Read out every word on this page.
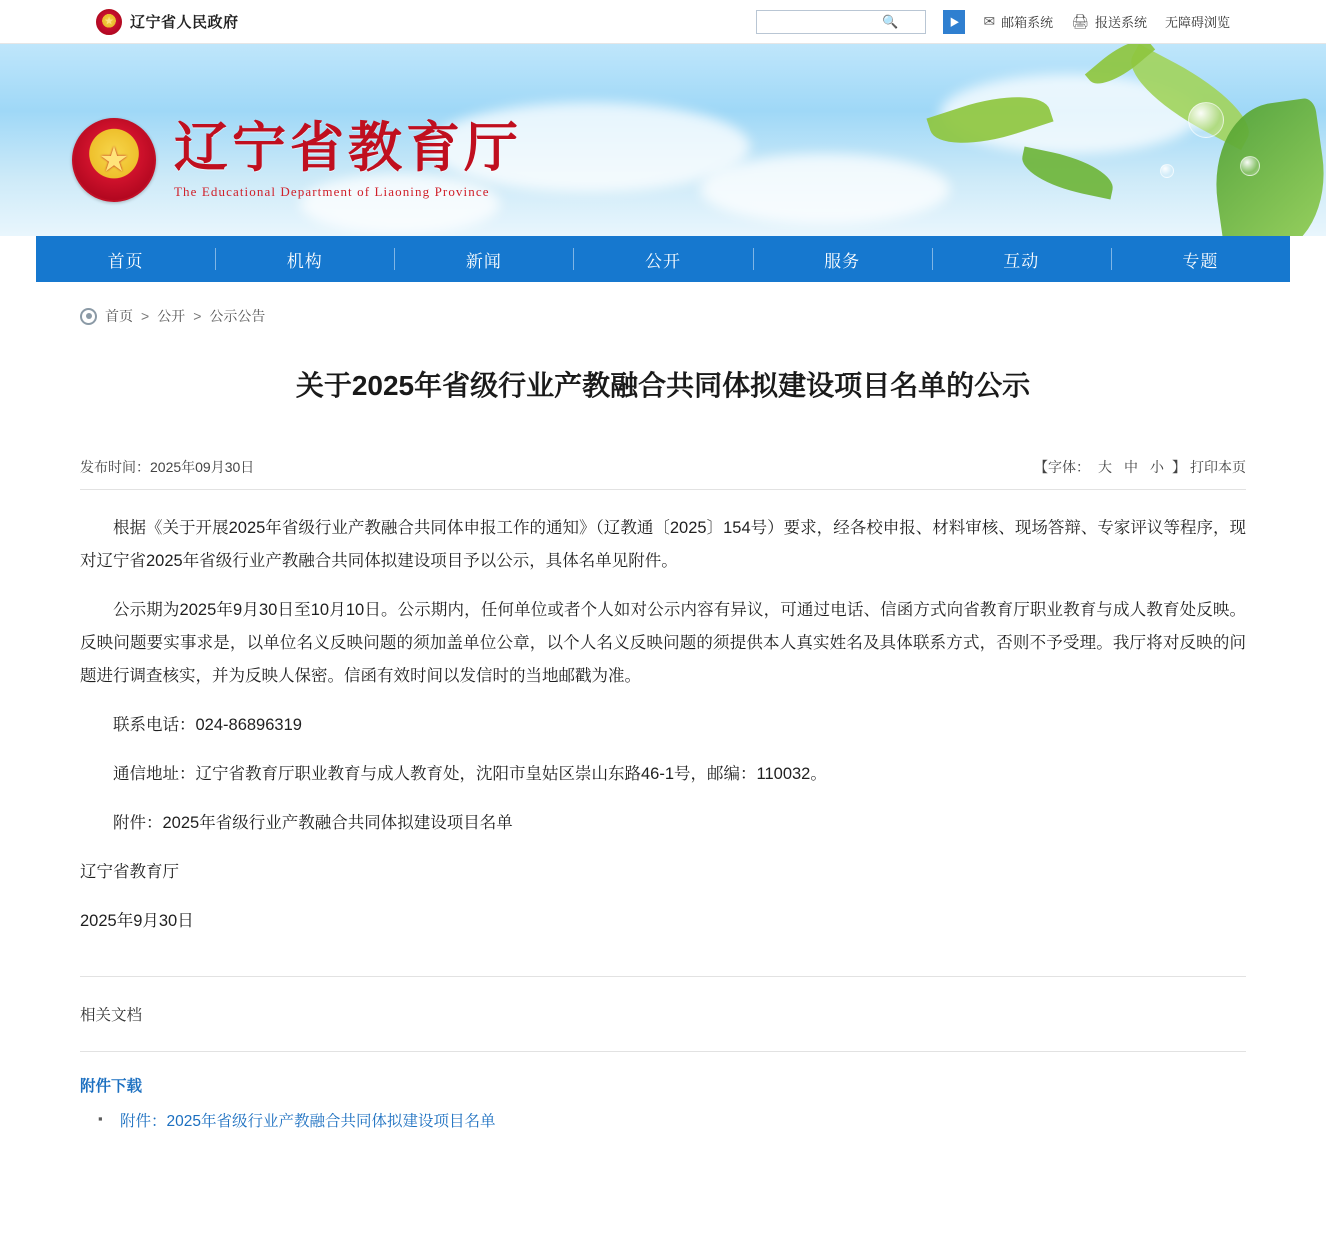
★
辽宁省人民政府	🔍	▶	✉ 邮箱系统 🖨 报送系统 无障碍浏览
★
辽宁省教育厅
The Educational Department of Liaoning Province
首页	机构	新闻	公开	服务	互动	专题
首页 > 公开 > 公示公告
关于2025年省级行业产教融合共同体拟建设项目名单的公示
发布时间：2025年09月30日	【字体： 大 中 小 】 打印本页

根据《关于开展2025年省级行业产教融合共同体申报工作的通知》（辽教通〔2025〕154号）要求，经各校申报、材料审核、现场答辩、专家评议等程序，现对辽宁省2025年省级行业产教融合共同体拟建设项目予以公示，具体名单见附件。

公示期为2025年9月30日至10月10日。公示期内，任何单位或者个人如对公示内容有异议，可通过电话、信函方式向省教育厅职业教育与成人教育处反映。反映问题要实事求是，以单位名义反映问题的须加盖单位公章，以个人名义反映问题的须提供本人真实姓名及具体联系方式，否则不予受理。我厅将对反映的问题进行调查核实，并为反映人保密。信函有效时间以发信时的当地邮戳为准。

联系电话：024-86896319

通信地址：辽宁省教育厅职业教育与成人教育处，沈阳市皇姑区崇山东路46-1号，邮编：110032。

附件：2025年省级行业产教融合共同体拟建设项目名单

辽宁省教育厅

2025年9月30日

相关文档
附件下载
▪ 附件：2025年省级行业产教融合共同体拟建设项目名单
